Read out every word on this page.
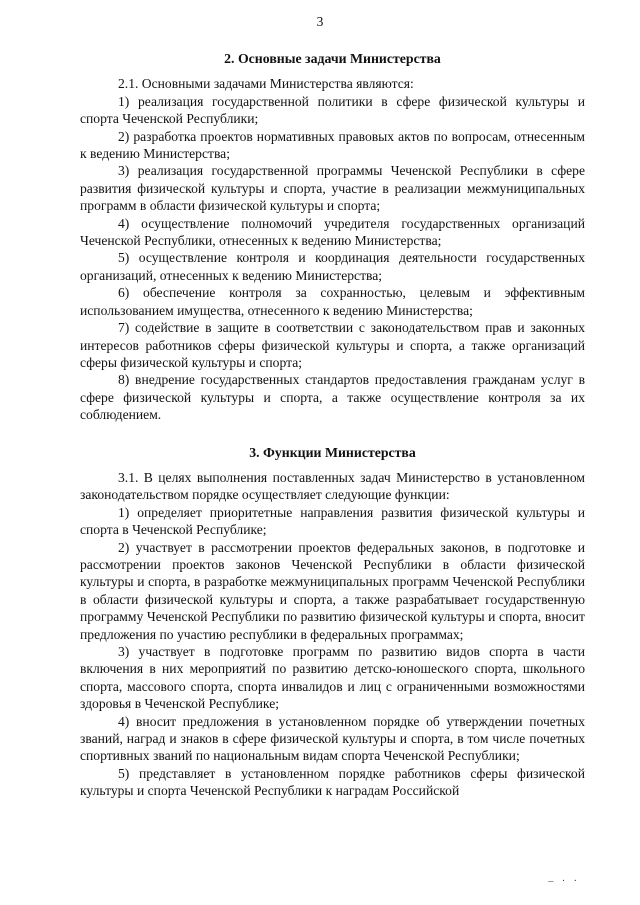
3
2. Основные задачи Министерства

2.1. Основными задачами Министерства являются:

1) реализация государственной политики в сфере физической культуры и спорта Чеченской Республики;

2) разработка проектов нормативных правовых актов по вопросам, отнесенным к ведению Министерства;

3) реализация государственной программы Чеченской Республики в сфере развития физической культуры и спорта, участие в реализации межмуниципальных программ в области физической культуры и спорта;

4) осуществление полномочий учредителя государственных организаций Чеченской Республики, отнесенных к ведению Министерства;

5) осуществление контроля и координация деятельности государственных организаций, отнесенных к ведению Министерства;

6) обеспечение контроля за сохранностью, целевым и эффективным использованием имущества, отнесенного к ведению Министерства;

7) содействие в защите в соответствии с законодательством прав и законных интересов работников сферы физической культуры и спорта, а также организаций сферы физической культуры и спорта;

8) внедрение государственных стандартов предоставления гражданам услуг в сфере физической культуры и спорта, а также осуществление контроля за их соблюдением.

3. Функции Министерства

3.1. В целях выполнения поставленных задач Министерство в установленном законодательством порядке осуществляет следующие функции:

1) определяет приоритетные направления развития физической культуры и спорта в Чеченской Республике;

2) участвует в рассмотрении проектов федеральных законов, в подготовке и рассмотрении проектов законов Чеченской Республики в области физической культуры и спорта, в разработке межмуниципальных программ Чеченской Республики в области физической культуры и спорта, а также разрабатывает государственную программу Чеченской Республики по развитию физической культуры и спорта, вносит предложения по участию республики в федеральных программах;

3) участвует в подготовке программ по развитию видов спорта в части включения в них мероприятий по развитию детско-юношеского спорта, школьного спорта, массового спорта, спорта инвалидов и лиц с ограниченными возможностями здоровья в Чеченской Республике;

4) вносит предложения в установленном порядке об утверждении почетных званий, наград и знаков в сфере физической культуры и спорта, в том числе почетных спортивных званий по национальным видам спорта Чеченской Республики;

5) представляет в установленном порядке работников сферы физической культуры и спорта Чеченской Республики к наградам Российской

– · ·
